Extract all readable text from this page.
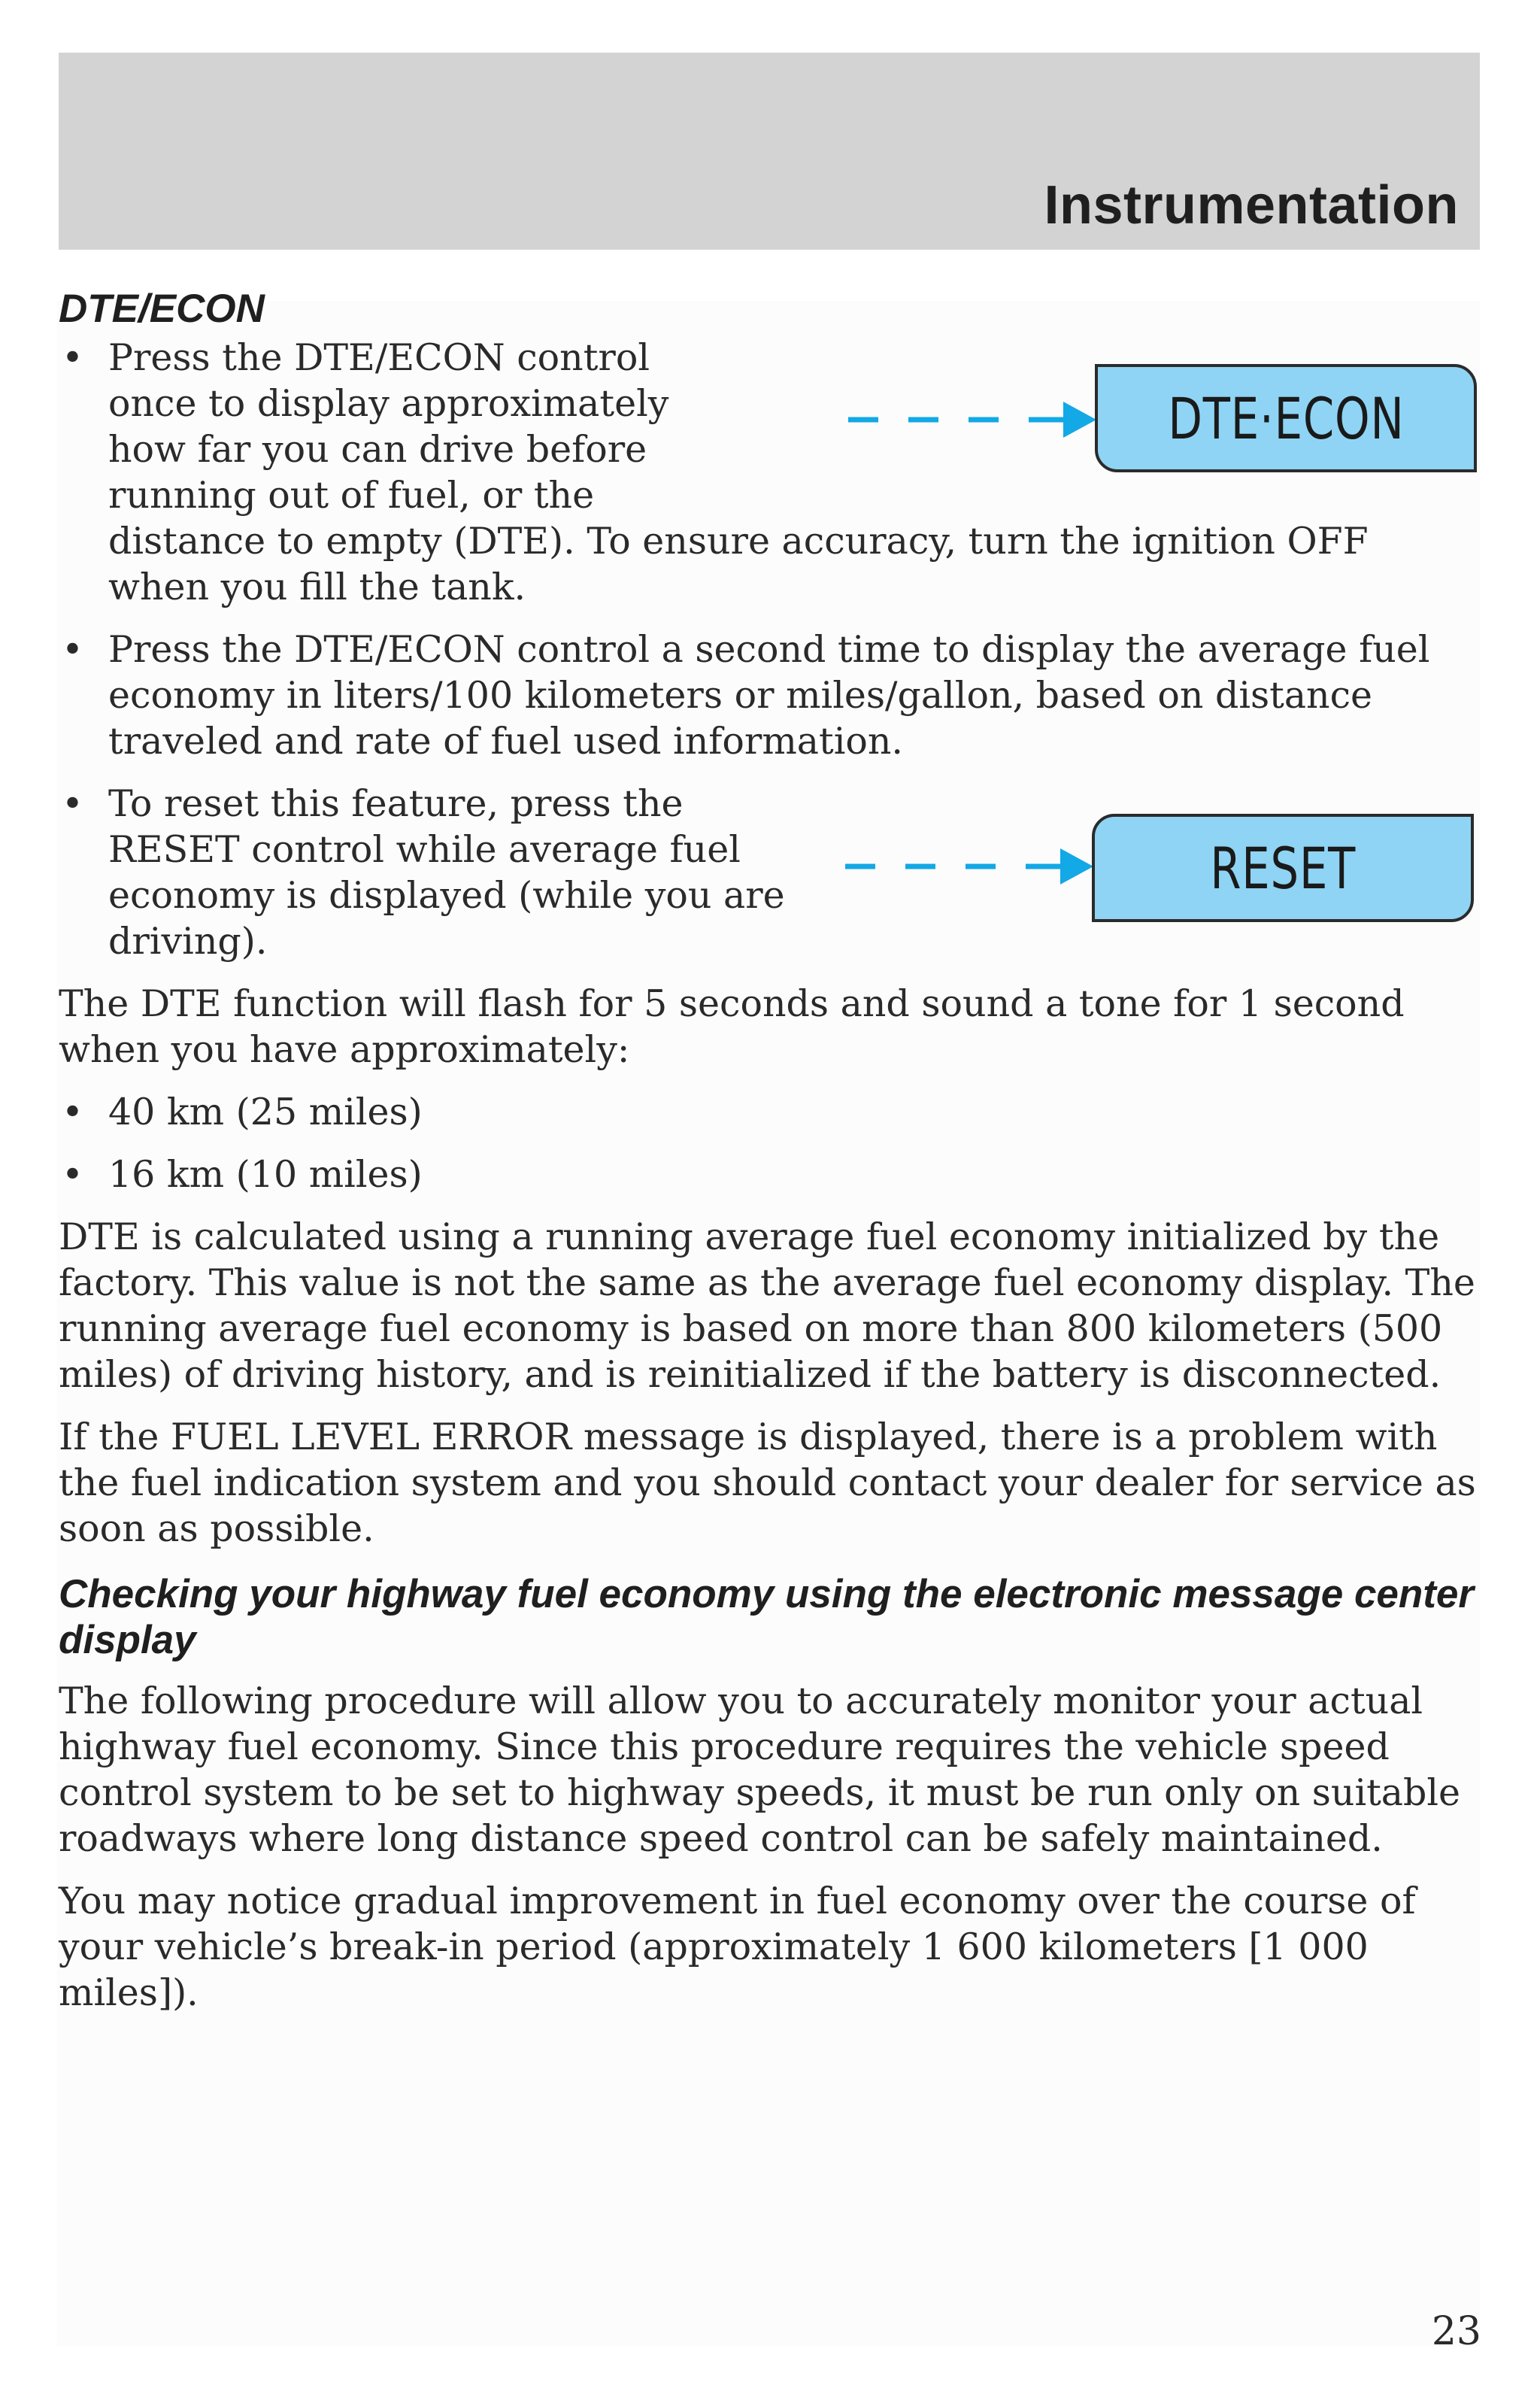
Instrumentation
DTE/ECON
• Press the DTE/ECON control once to display approximately how far you can drive before running out of fuel, or the distance to empty (DTE). To ensure accuracy, turn the ignition OFF when you fill the tank.
• Press the DTE/ECON control a second time to display the average fuel economy in liters/100 kilometers or miles/gallon, based on distance traveled and rate of fuel used information.
• To reset this feature, press the RESET control while average fuel economy is displayed (while you are driving).
The DTE function will flash for 5 seconds and sound a tone for 1 second when you have approximately:
• 40 km (25 miles)
• 16 km (10 miles)
DTE is calculated using a running average fuel economy initialized by the factory. This value is not the same as the average fuel economy display. The running average fuel economy is based on more than 800 kilometers (500 miles) of driving history, and is reinitialized if the battery is disconnected.
If the FUEL LEVEL ERROR message is displayed, there is a problem with the fuel indication system and you should contact your dealer for service as soon as possible.
Checking your highway fuel economy using the electronic message center display
The following procedure will allow you to accurately monitor your actual highway fuel economy. Since this procedure requires the vehicle speed control system to be set to highway speeds, it must be run only on suitable roadways where long distance speed control can be safely maintained.
You may notice gradual improvement in fuel economy over the course of your vehicle’s break-in period (approximately 1 600 kilometers [1 000 miles]).
DTE·ECON
RESET
23
